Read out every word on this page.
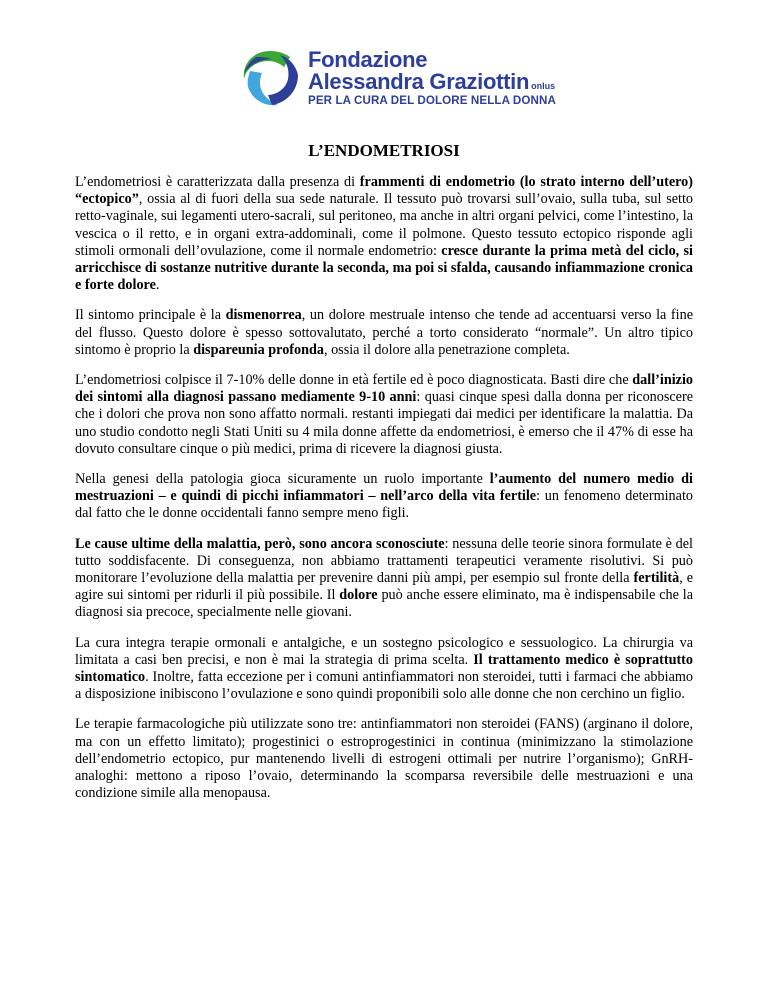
Fondazione
Alessandra Graziottin onlus
PER LA CURA DEL DOLORE NELLA DONNA
L’ENDOMETRIOSI

L’endometriosi è caratterizzata dalla presenza di frammenti di endometrio (lo strato interno dell’utero) “ectopico”, ossia al di fuori della sua sede naturale. Il tessuto può trovarsi sull’ovaio, sulla tuba, sul setto retto-vaginale, sui legamenti utero-sacrali, sul peritoneo, ma anche in altri organi pelvici, come l’intestino, la vescica o il retto, e in organi extra-addominali, come il polmone. Questo tessuto ectopico risponde agli stimoli ormonali dell’ovulazione, come il normale endometrio: cresce durante la prima metà del ciclo, si arricchisce di sostanze nutritive durante la seconda, ma poi si sfalda, causando infiammazione cronica e forte dolore.

Il sintomo principale è la dismenorrea, un dolore mestruale intenso che tende ad accentuarsi verso la fine del flusso. Questo dolore è spesso sottovalutato, perché a torto considerato “normale”. Un altro tipico sintomo è proprio la dispareunia profonda, ossia il dolore alla penetrazione completa.

L’endometriosi colpisce il 7-10% delle donne in età fertile ed è poco diagnosticata. Basti dire che dall’inizio dei sintomi alla diagnosi passano mediamente 9-10 anni: quasi cinque spesi dalla donna per riconoscere che i dolori che prova non sono affatto normali. restanti impiegati dai medici per identificare la malattia. Da uno studio condotto negli Stati Uniti su 4 mila donne affette da endometriosi, è emerso che il 47% di esse ha dovuto consultare cinque o più medici, prima di ricevere la diagnosi giusta.

Nella genesi della patologia gioca sicuramente un ruolo importante l’aumento del numero medio di mestruazioni – e quindi di picchi infiammatori – nell’arco della vita fertile: un fenomeno determinato dal fatto che le donne occidentali fanno sempre meno figli.

Le cause ultime della malattia, però, sono ancora sconosciute: nessuna delle teorie sinora formulate è del tutto soddisfacente. Di conseguenza, non abbiamo trattamenti terapeutici veramente risolutivi. Si può monitorare l’evoluzione della malattia per prevenire danni più ampi, per esempio sul fronte della fertilità, e agire sui sintomi per ridurli il più possibile. Il dolore può anche essere eliminato, ma è indispensabile che la diagnosi sia precoce, specialmente nelle giovani.

La cura integra terapie ormonali e antalgiche, e un sostegno psicologico e sessuologico. La chirurgia va limitata a casi ben precisi, e non è mai la strategia di prima scelta. Il trattamento medico è soprattutto sintomatico. Inoltre, fatta eccezione per i comuni antinfiammatori non steroidei, tutti i farmaci che abbiamo a disposizione inibiscono l’ovulazione e sono quindi proponibili solo alle donne che non cerchino un figlio.

Le terapie farmacologiche più utilizzate sono tre: antinfiammatori non steroidei (FANS) (arginano il dolore, ma con un effetto limitato); progestinici o estroprogestinici in continua (minimizzano la stimolazione dell’endometrio ectopico, pur mantenendo livelli di estrogeni ottimali per nutrire l’organismo); GnRH-analoghi: mettono a riposo l’ovaio, determinando la scomparsa reversibile delle mestruazioni e una condizione simile alla menopausa.
